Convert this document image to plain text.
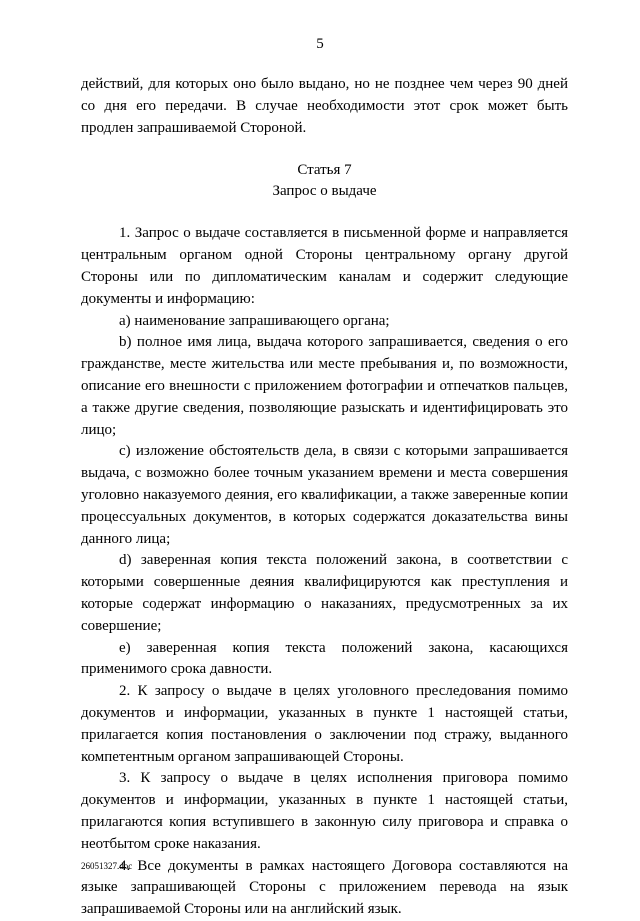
5

действий, для которых оно было выдано, но не позднее чем через 90 дней со дня его передачи. В случае необходимости этот срок может быть продлен запрашиваемой Стороной.

Статья 7
Запрос о выдаче

1. Запрос о выдаче составляется в письменной форме и направляется центральным органом одной Стороны центральному органу другой Стороны или по дипломатическим каналам и содержит следующие документы и информацию:

а) наименование запрашивающего органа;

b) полное имя лица, выдача которого запрашивается, сведения о его гражданстве, месте жительства или месте пребывания и, по возможности, описание его внешности с приложением фотографии и отпечатков пальцев, а также другие сведения, позволяющие разыскать и идентифицировать это лицо;

c) изложение обстоятельств дела, в связи с которыми запрашивается выдача, с возможно более точным указанием времени и места совершения уголовно наказуемого деяния, его квалификации, а также заверенные копии процессуальных документов, в которых содержатся доказательства вины данного лица;

d) заверенная копия текста положений закона, в соответствии с которыми совершенные деяния квалифицируются как преступления и которые содержат информацию о наказаниях, предусмотренных за их совершение;

е) заверенная копия текста положений закона, касающихся применимого срока давности.

2. К запросу о выдаче в целях уголовного преследования помимо документов и информации, указанных в пункте 1 настоящей статьи, прилагается копия постановления о заключении под стражу, выданного компетентным органом запрашивающей Стороны.

3. К запросу о выдаче в целях исполнения приговора помимо документов и информации, указанных в пункте 1 настоящей статьи, прилагаются копия вступившего в законную силу приговора и справка о неотбытом сроке наказания.

4. Все документы в рамках настоящего Договора составляются на языке запрашивающей Стороны с приложением перевода на язык запрашиваемой Стороны или на английский язык.

26051327.doc
